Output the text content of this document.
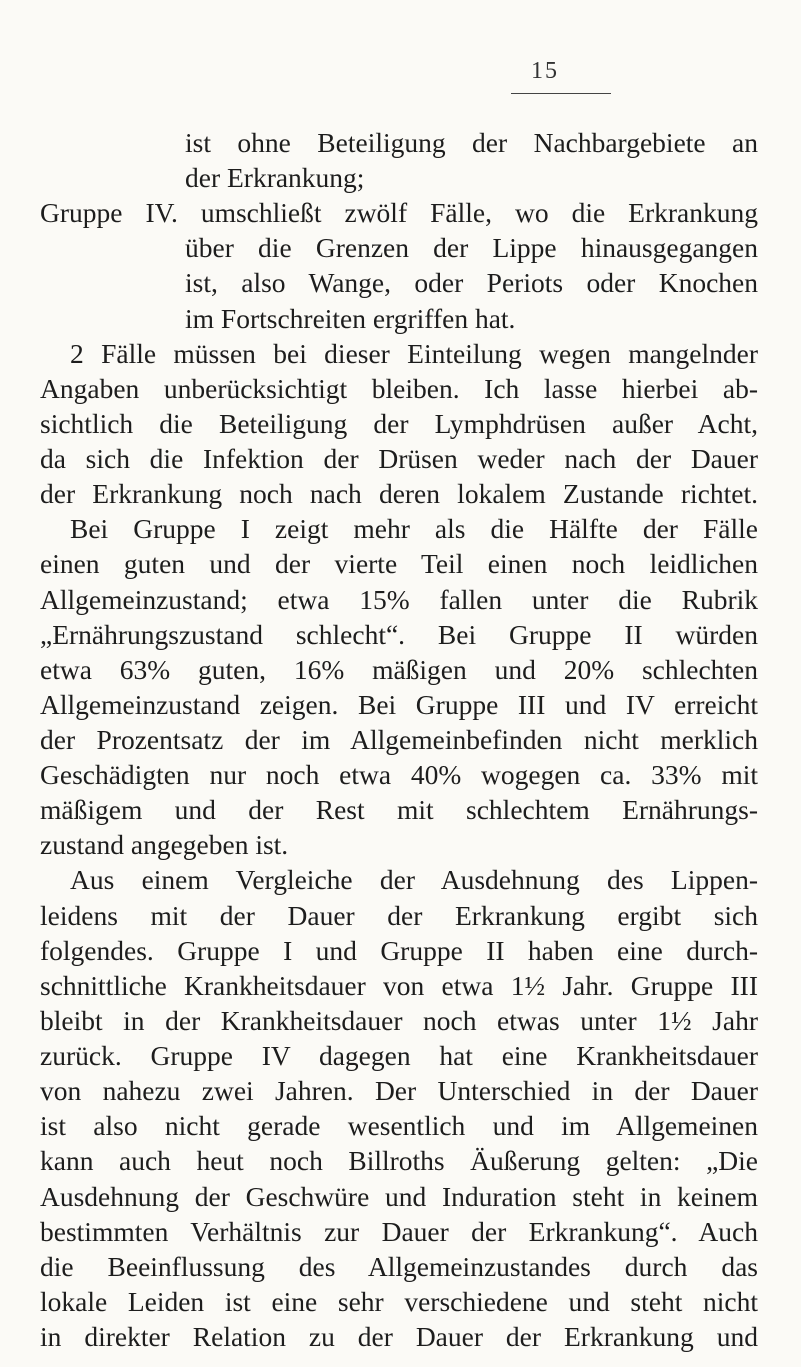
15
ist ohne Beteiligung der Nachbargebiete an
der Erkrankung;
Gruppe IV. umschließt zwölf Fälle, wo die Erkrankung
über die Grenzen der Lippe hinausgegangen
ist, also Wange, oder Periots oder Knochen
im Fortschreiten ergriffen hat.
2 Fälle müssen bei dieser Einteilung wegen mangelnder
Angaben unberücksichtigt bleiben. Ich lasse hierbei ab-
sichtlich die Beteiligung der Lymphdrüsen außer Acht,
da sich die Infektion der Drüsen weder nach der Dauer
der Erkrankung noch nach deren lokalem Zustande richtet.
Bei Gruppe I zeigt mehr als die Hälfte der Fälle
einen guten und der vierte Teil einen noch leidlichen
Allgemeinzustand; etwa 15% fallen unter die Rubrik
„Ernährungszustand schlecht“. Bei Gruppe II würden
etwa 63% guten, 16% mäßigen und 20% schlechten
Allgemeinzustand zeigen. Bei Gruppe III und IV erreicht
der Prozentsatz der im Allgemeinbefinden nicht merklich
Geschädigten nur noch etwa 40% wogegen ca. 33% mit
mäßigem und der Rest mit schlechtem Ernährungs-
zustand angegeben ist.
Aus einem Vergleiche der Ausdehnung des Lippen-
leidens mit der Dauer der Erkrankung ergibt sich
folgendes. Gruppe I und Gruppe II haben eine durch-
schnittliche Krankheitsdauer von etwa 1½ Jahr. Gruppe III
bleibt in der Krankheitsdauer noch etwas unter 1½ Jahr
zurück. Gruppe IV dagegen hat eine Krankheitsdauer
von nahezu zwei Jahren. Der Unterschied in der Dauer
ist also nicht gerade wesentlich und im Allgemeinen
kann auch heut noch Billroths Äußerung gelten: „Die
Ausdehnung der Geschwüre und Induration steht in keinem
bestimmten Verhältnis zur Dauer der Erkrankung“. Auch
die Beeinflussung des Allgemeinzustandes durch das
lokale Leiden ist eine sehr verschiedene und steht nicht
in direkter Relation zu der Dauer der Erkrankung und
